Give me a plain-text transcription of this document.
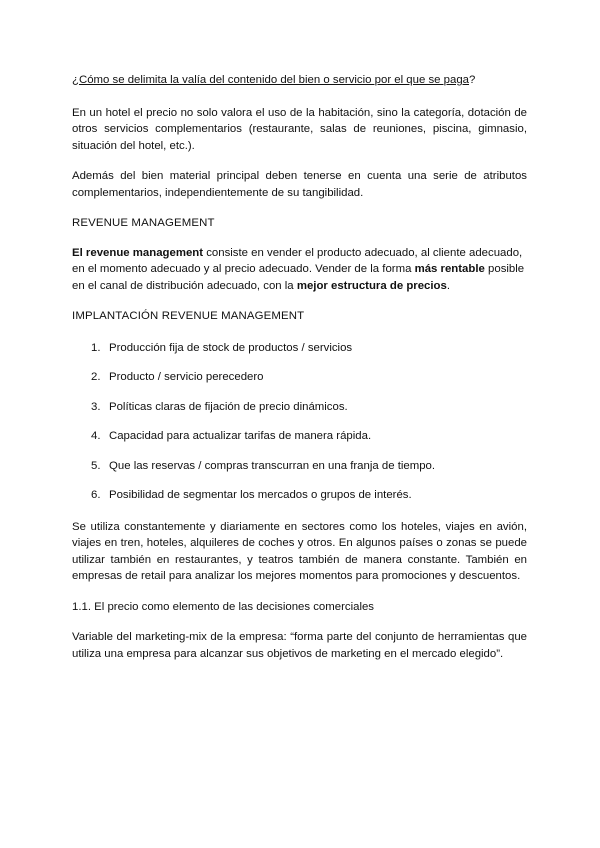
¿Cómo se delimita la valía del contenido del bien o servicio por el que se paga?

En un hotel el precio no solo valora el uso de la habitación, sino la categoría, dotación de otros servicios complementarios (restaurante, salas de reuniones, piscina, gimnasio, situación del hotel, etc.).

Además del bien material principal deben tenerse en cuenta una serie de atributos complementarios, independientemente de su tangibilidad.

REVENUE MANAGEMENT

El revenue management consiste en vender el producto adecuado, al cliente adecuado, en el momento adecuado y al precio adecuado. Vender de la forma más rentable posible en el canal de distribución adecuado, con la mejor estructura de precios.

IMPLANTACIÓN REVENUE MANAGEMENT

1. Producción fija de stock de productos / servicios
2. Producto / servicio perecedero
3. Políticas claras de fijación de precio dinámicos.
4. Capacidad para actualizar tarifas de manera rápida.
5. Que las reservas / compras transcurran en una franja de tiempo.
6. Posibilidad de segmentar los mercados o grupos de interés.

Se utiliza constantemente y diariamente en sectores como los hoteles, viajes en avión, viajes en tren, hoteles, alquileres de coches y otros. En algunos países o zonas se puede utilizar también en restaurantes, y teatros también de manera constante. También en empresas de retail para analizar los mejores momentos para promociones y descuentos.

1.1. El precio como elemento de las decisiones comerciales

Variable del marketing-mix de la empresa: “forma parte del conjunto de herramientas que utiliza una empresa para alcanzar sus objetivos de marketing en el mercado elegido”.
